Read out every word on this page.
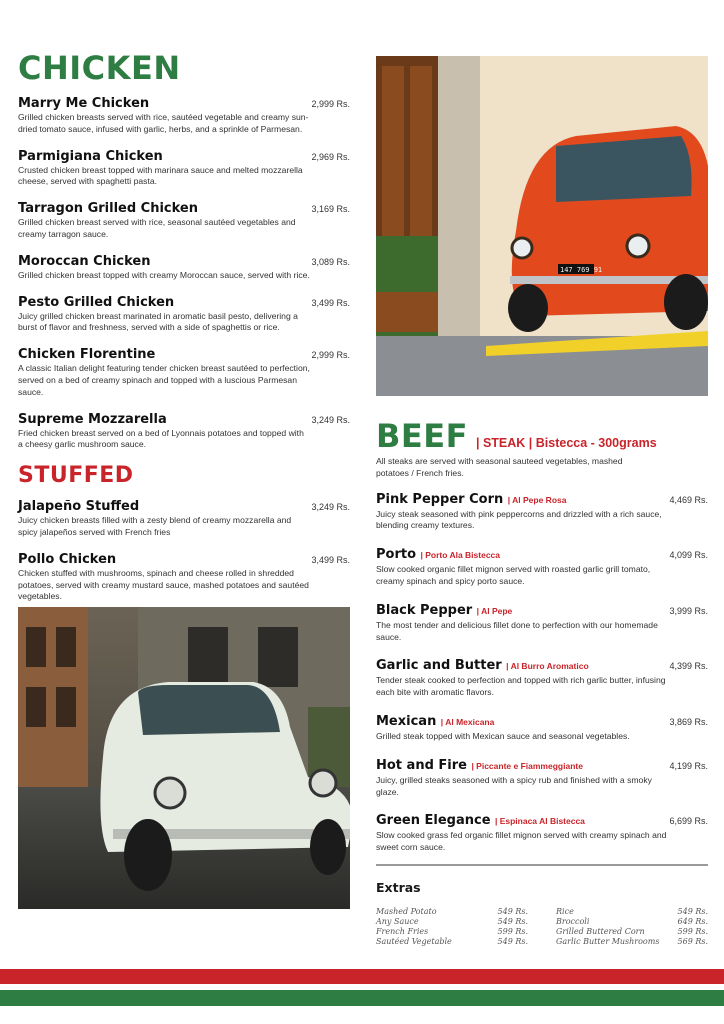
CHICKEN
Marry Me Chicken	2,999 Rs.
Grilled chicken breasts served with rice, sautéed vegetable and creamy sun-dried tomato sauce, infused with garlic, herbs, and a sprinkle of Parmesan.
Parmigiana Chicken	2,969 Rs.
Crusted chicken breast topped with marinara sauce and melted mozzarella cheese, served with spaghetti pasta.
Tarragon Grilled Chicken	3,169 Rs.
Grilled chicken breast served with rice, seasonal sautéed vegetables and creamy tarragon sauce.
Moroccan Chicken	3,089 Rs.
Grilled chicken breast topped with creamy Moroccan sauce, served with rice.
Pesto Grilled Chicken	3,499 Rs.
Juicy grilled chicken breast marinated in aromatic basil pesto, delivering a burst of flavor and freshness, served with a side of spaghettis or rice.
Chicken Florentine	2,999 Rs.
A classic Italian delight featuring tender chicken breast sautéed to perfection, served on a bed of creamy spinach and topped with a luscious Parmesan sauce.
Supreme Mozzarella	3,249 Rs.
Fried chicken breast served on a bed of Lyonnais potatoes and topped with a cheesy garlic mushroom sauce.
STUFFED
Jalapeño Stuffed	3,249 Rs.
Juicy chicken breasts filled with a zesty blend of creamy mozzarella and spicy jalapeños served with French fries
Pollo Chicken	3,499 Rs.
Chicken stuffed with mushrooms, spinach and cheese rolled in shredded potatoes, served with creamy mustard sauce, mashed potatoes and sautéed vegetables.
147 769 91
BEEF | STEAK | Bistecca - 300grams
All steaks are served with seasonal sauteed vegetables, mashed potatoes / French fries.
Pink Pepper Corn | Al Pepe Rosa	4,469 Rs.
Juicy steak seasoned with pink peppercorns and drizzled with a rich sauce, blending creamy textures.
Porto | Porto Ala Bistecca	4,099 Rs.
Slow cooked organic fillet mignon served with roasted garlic grill tomato, creamy spinach and spicy porto sauce.
Black Pepper | Al Pepe	3,999 Rs.
The most tender and delicious fillet done to perfection with our homemade sauce.
Garlic and Butter | Al Burro Aromatico	4,399 Rs.
Tender steak cooked to perfection and topped with rich garlic butter, infusing each bite with aromatic flavors.
Mexican | Al Mexicana	3,869 Rs.
Grilled steak topped with Mexican sauce and seasonal vegetables.
Hot and Fire | Piccante e Fiammeggiante	4,199 Rs.
Juicy, grilled steaks seasoned with a spicy rub and finished with a smoky glaze.
Green Elegance | Espinaca Al Bistecca	6,699 Rs.
Slow cooked grass fed organic fillet mignon served with creamy spinach and sweet corn sauce.
Extras
Mashed Potato	549 Rs.
Any Sauce	549 Rs.
French Fries	599 Rs.
Sautéed Vegetable	549 Rs.
Rice	549 Rs.
Broccoli	649 Rs.
Grilled Buttered Corn	599 Rs.
Garlic Butter Mushrooms 569 Rs.
